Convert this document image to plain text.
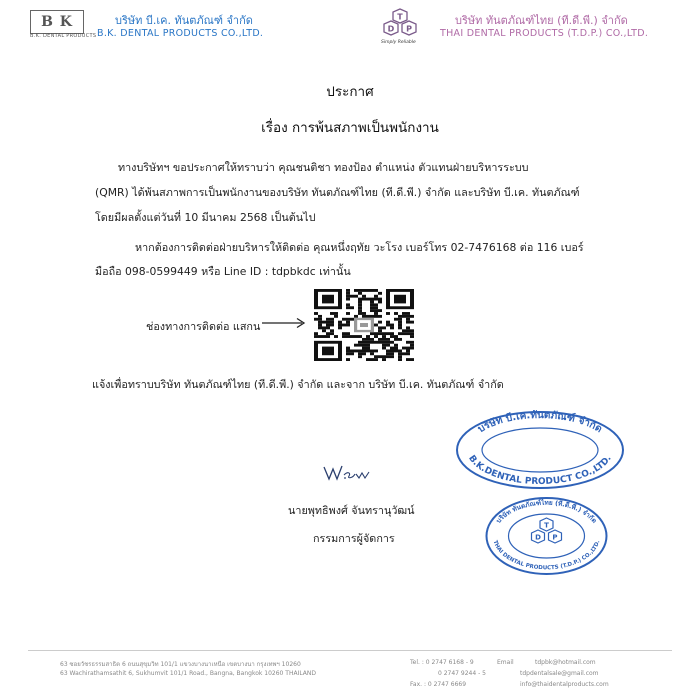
B K
B.K. DENTAL PRODUCTS
บริษัท บี.เค. ทันตภัณฑ์ จำกัด
B.K. DENTAL PRODUCTS CO.,LTD.
T
D P
Simply Reliable
บริษัท ทันตภัณฑ์ไทย (ที.ดี.พี.) จำกัด
THAI DENTAL PRODUCTS (T.D.P.) CO.,LTD.
ประกาศ
เรื่อง การพ้นสภาพเป็นพนักงาน
ทางบริษัทฯ ขอประกาศให้ทราบว่า คุณชนติชา ทองป้อง ตำแหน่ง ตัวแทนฝ่ายบริหารระบบ
(QMR) ได้พ้นสภาพการเป็นพนักงานของบริษัท ทันตภัณฑ์ไทย (ที.ดี.พี.) จำกัด และบริษัท บี.เค. ทันตภัณฑ์
โดยมีผลตั้งแต่วันที่ 10 มีนาคม 2568 เป็นต้นไป
หากต้องการติดต่อฝ่ายบริหารให้ติดต่อ คุณหนึ่งฤทัย วะโรง เบอร์โทร 02-7476168 ต่อ 116 เบอร์
มือถือ 098-0599449 หรือ Line ID : tdpbkdc เท่านั้น
ช่องทางการติดต่อ แสกน
แจ้งเพื่อทราบบริษัท ทันตภัณฑ์ไทย (ที.ดี.พี.) จำกัด และจาก บริษัท บี.เค. ทันตภัณฑ์ จำกัด
นายพุทธิพงศ์ จันทรานุวัฒน์
กรรมการผู้จัดการ
บริษัท บี.เค.ทันตภัณฑ์ จำกัด
B.K.DENTAL PRODUCT CO.,LTD.
T
D P
บริษัท ทันตภัณฑ์ไทย (ที.ดี.พี.) จำกัด
THAI DENTAL PRODUCTS (T.D.P.) CO.,LTD.
63 ซอยวัชรธรรมสาธิต 6 ถนนสุขุมวิท 101/1 แขวงบางนาเหนือ เขตบางนา กรุงเทพฯ 10260
63 Wachirathamsathit 6, Sukhumvit 101/1 Road., Bangna, Bangkok 10260 THAILAND
Tel. : 0 2747 6168 - 9
0 2747 9244 - 5
Fax. : 0 2747 6669
Email	tdpbk@hotmail.com
tdpdentalsale@gmail.com
info@thaidentalproducts.com
